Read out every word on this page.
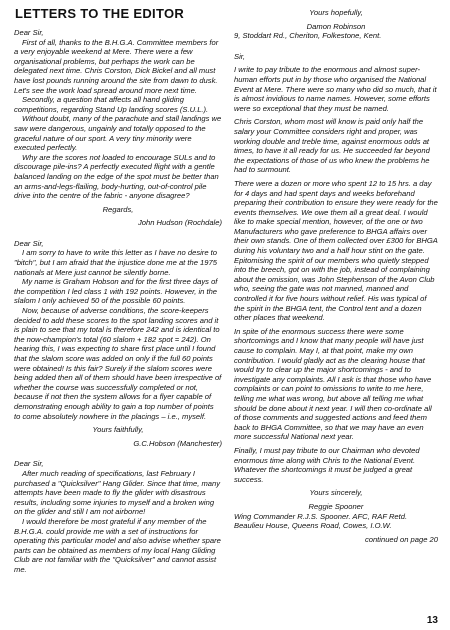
LETTERS TO THE EDITOR

Dear Sir,

First of all, thanks to the B.H.G.A. Committee members for a very enjoyable weekend at Mere. There were a few organisational problems, but perhaps the work can be delegated next time. Chris Corston, Dick Bickel and all must have lost pounds running around the site from dawn to dusk. Let's see the work load spread around more next time.

Secondly, a question that affects all hand gliding competitions, regarding Stand Up landing scores (S.U.L.).

Without doubt, many of the parachute and stall landings we saw were dangerous, ungainly and totally opposed to the graceful nature of our sport. A very tiny minority were executed perfectly.

Why are the scores not loaded to encourage SULs and to discourage pile-ins? A perfectly executed flight with a gentle balanced landing on the edge of the spot must be better than an arms-and-legs-flailing, body-hurting, out-of-control pile drive into the centre of the fabric - anyone disagree?

Regards,

John Hudson (Rochdale)

Dear Sir,

I am sorry to have to write this letter as I have no desire to "bitch", but I am afraid that the injustice done me at the 1975 nationals at Mere just cannot be silently borne.

My name is Graham Hobson and for the first three days of the competition I led class 1 with 192 points. However, in the slalom I only achieved 50 of the possible 60 points.

Now, because of adverse conditions, the score-keepers decided to add these scores to the spot landing scores and it is plain to see that my total is therefore 242 and is identical to the now-champion's total (60 slalom + 182 spot = 242). On hearing this, I was expecting to share first place until I found that the slalom score was added on only if the full 60 points were obtained! Is this fair? Surely if the slalom scores were being added then all of them should have been irrespective of whether the course was successfully completed or not, because if not then the system allows for a flyer capable of demonstrating enough ability to gain a top number of points to come absolutely nowhere in the placings – i.e., myself.

Yours faithfully,

G.C.Hobson (Manchester)

Dear Sir,

After much reading of specifications, last February I purchased a "Quicksilver" Hang Glider. Since that time, many attempts have been made to fly the glider with disastrous results, including some injuries to myself and a broken wing on the glider and still I am not airborne!

I would therefore be most grateful if any member of the B.H.G.A. could provide me with a set of instructions for operating this particular model and also advise whether spare parts can be obtained as members of my local Hang Gliding Club are not familiar with the "Quicksilver" and cannot assist me.

Yours hopefully,

Damon Robinson

9, Stoddart Rd., Cheriton, Folkestone, Kent.

Sir,

I write to pay tribute to the enormous and almost super-human efforts put in by those who organised the National Event at Mere. There were so many who did so much, that it is almost invidious to name names. However, some efforts were so exceptional that they must be named.

Chris Corston, whom most will know is paid only half the salary your Committee considers right and proper, was working double and treble time, against enormous odds at times, to have it all ready for us. He succeeded far beyond the expectations of those of us who knew the problems he had to surmount.

There were a dozen or more who spent 12 to 15 hrs. a day for 4 days and had spent days and weeks beforehand preparing their contribution to ensure they were ready for the events themselves. We owe them all a great deal. I would like to make special mention, however, of the one or two Manufacturers who gave preference to BHGA affairs over their own stands. One of them collected over £300 for BHGA during his voluntary two and a half hour stint on the gate. Epitomising the spirit of our members who quietly stepped into the breech, got on with the job, instead of complaining about the omission, was John Stephenson of the Avon Club who, seeing the gate was not manned, manned and controlled it for five hours without relief. His was typical of the spirit in the BHGA tent, the Control tent and a dozen other places that weekend.

In spite of the enormous success there were some shortcomings and I know that many people will have just cause to complain. May I, at that point, make my own contribution. I would gladly act as the clearing house that would try to clear up the major shortcomings - and to investigate any complaints. All I ask is that those who have complaints or can point to omissions to write to me here, telling me what was wrong, but above all telling me what should be done about it next year. I will then co-ordinate all of those comments and suggested actions and feed them back to BHGA Committee, so that we may have an even more successful National next year.

Finally, I must pay tribute to our Chairman who devoted enormous time along with Chris to the National Event. Whatever the shortcomings it must be judged a great success.

Yours sincerely,

Reggie Spooner

Wing Commander R.J.S. Spooner. AFC, RAF Retd.

Beaulieu House, Queens Road, Cowes, I.O.W.

continued on page 20

13
